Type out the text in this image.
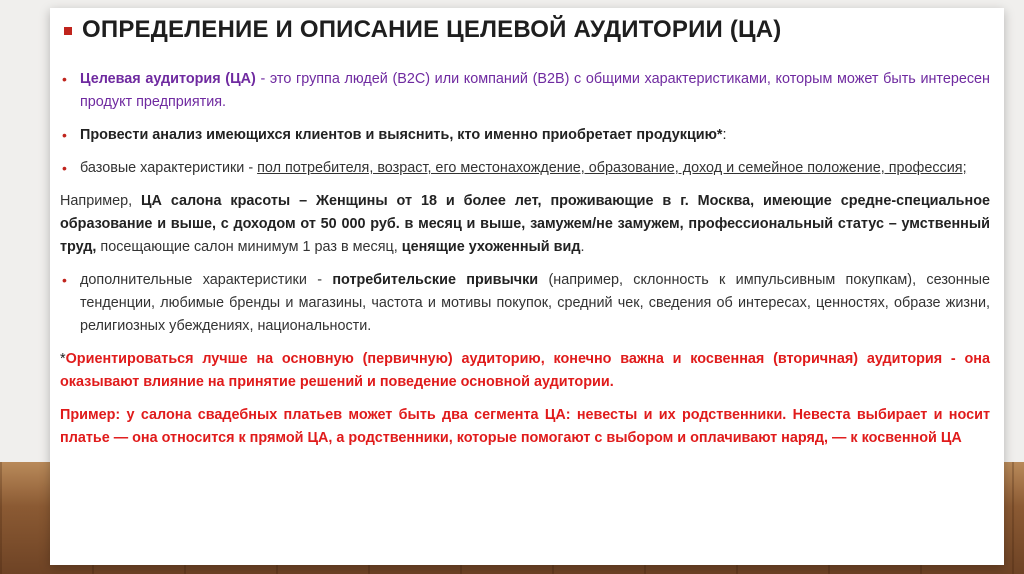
ОПРЕДЕЛЕНИЕ И ОПИСАНИЕ ЦЕЛЕВОЙ АУДИТОРИИ (ЦА)
• Целевая аудитория (ЦА) - это группа людей (B2C) или компаний (B2B) с общими характеристиками, которым может быть интересен продукт предприятия.
• Провести анализ имеющихся клиентов и выяснить, кто именно приобретает продукцию*:
• базовые характеристики - пол потребителя, возраст, его местонахождение, образование, доход и семейное положение, профессия;
Например, ЦА салона красоты – Женщины от 18 и более лет, проживающие в г. Москва, имеющие средне-специальное образование и выше, с доходом от 50 000 руб. в месяц и выше, замужем/не замужем, профессиональный статус – умственный труд, посещающие салон минимум 1 раз в месяц, ценящие ухоженный вид.
• дополнительные характеристики - потребительские привычки (например, склонность к импульсивным покупкам), сезонные тенденции, любимые бренды и магазины, частота и мотивы покупок, средний чек, сведения об интересах, ценностях, образе жизни, религиозных убеждениях, национальности.
*Ориентироваться лучше на основную (первичную) аудиторию, конечно важна и косвенная (вторичная) аудитория - она оказывают влияние на принятие решений и поведение основной аудитории.
Пример: у салона свадебных платьев может быть два сегмента ЦА: невесты и их родственники. Невеста выбирает и носит платье — она относится к прямой ЦА, а родственники, которые помогают с выбором и оплачивают наряд, — к косвенной ЦА
